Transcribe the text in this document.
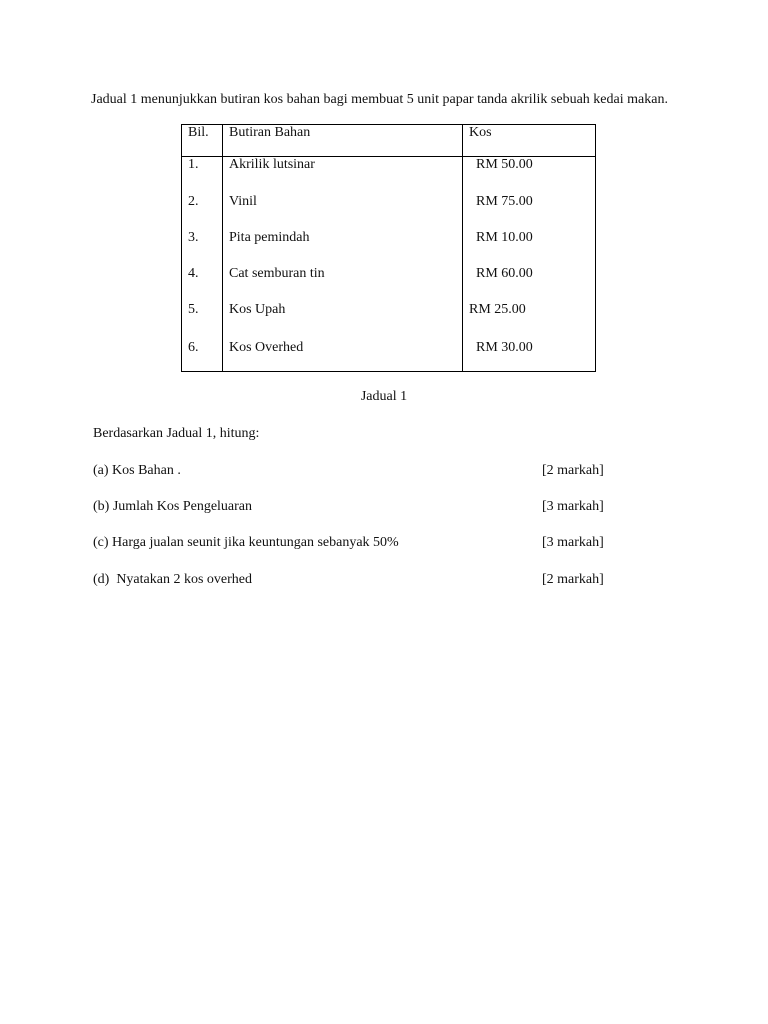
Jadual 1 menunjukkan butiran kos bahan bagi membuat 5 unit papar tanda akrilik sebuah kedai makan.
Bil. Butiran Bahan	Kos
1. Akrilik lutsinar	RM 50.00
2. Vinil	RM 75.00
3. Pita pemindah	RM 10.00
4. Cat semburan tin	RM 60.00
5. Kos Upah	RM 25.00
6. Kos Overhed	RM 30.00
Jadual 1
Berdasarkan Jadual 1, hitung:
(a) Kos Bahan .	[2 markah]
(b) Jumlah Kos Pengeluaran	[3 markah]
(c) Harga jualan seunit jika keuntungan sebanyak 50%	[3 markah]
(d)  Nyatakan 2 kos overhed	[2 markah]
